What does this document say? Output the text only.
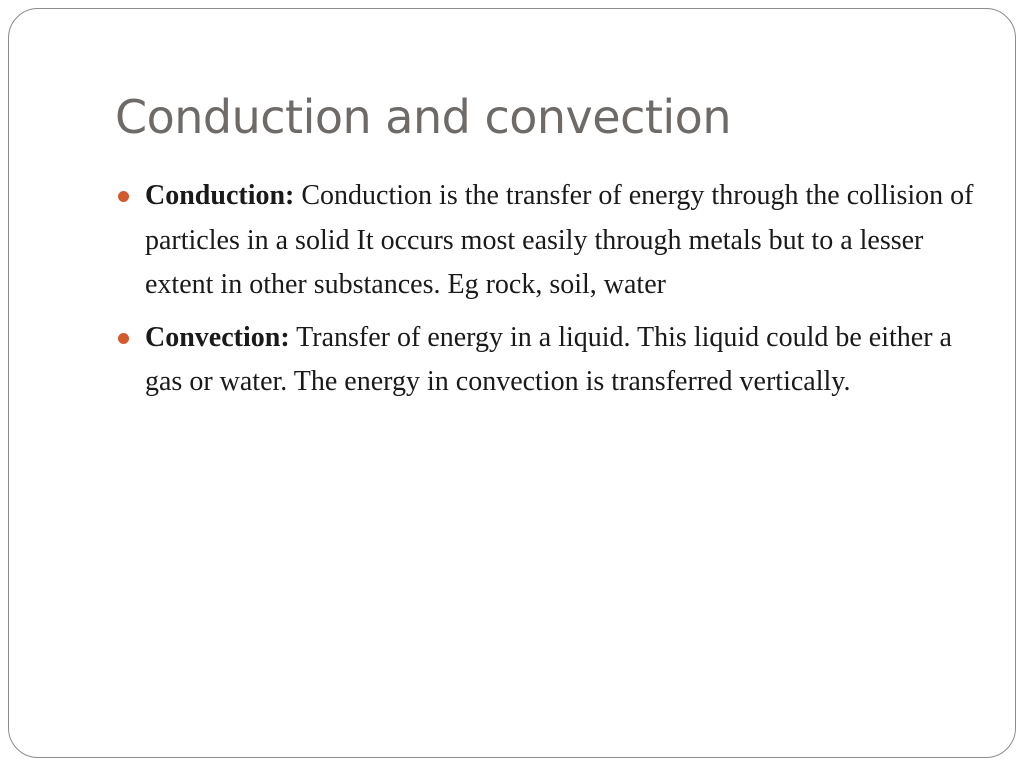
Conduction and convection
Conduction: Conduction is the transfer of energy through the collision of particles in a solid It occurs most easily through metals but to a lesser extent in other substances. Eg rock, soil, water
Convection: Transfer of energy in a liquid. This liquid could be either a gas or water. The energy in convection is transferred vertically.
